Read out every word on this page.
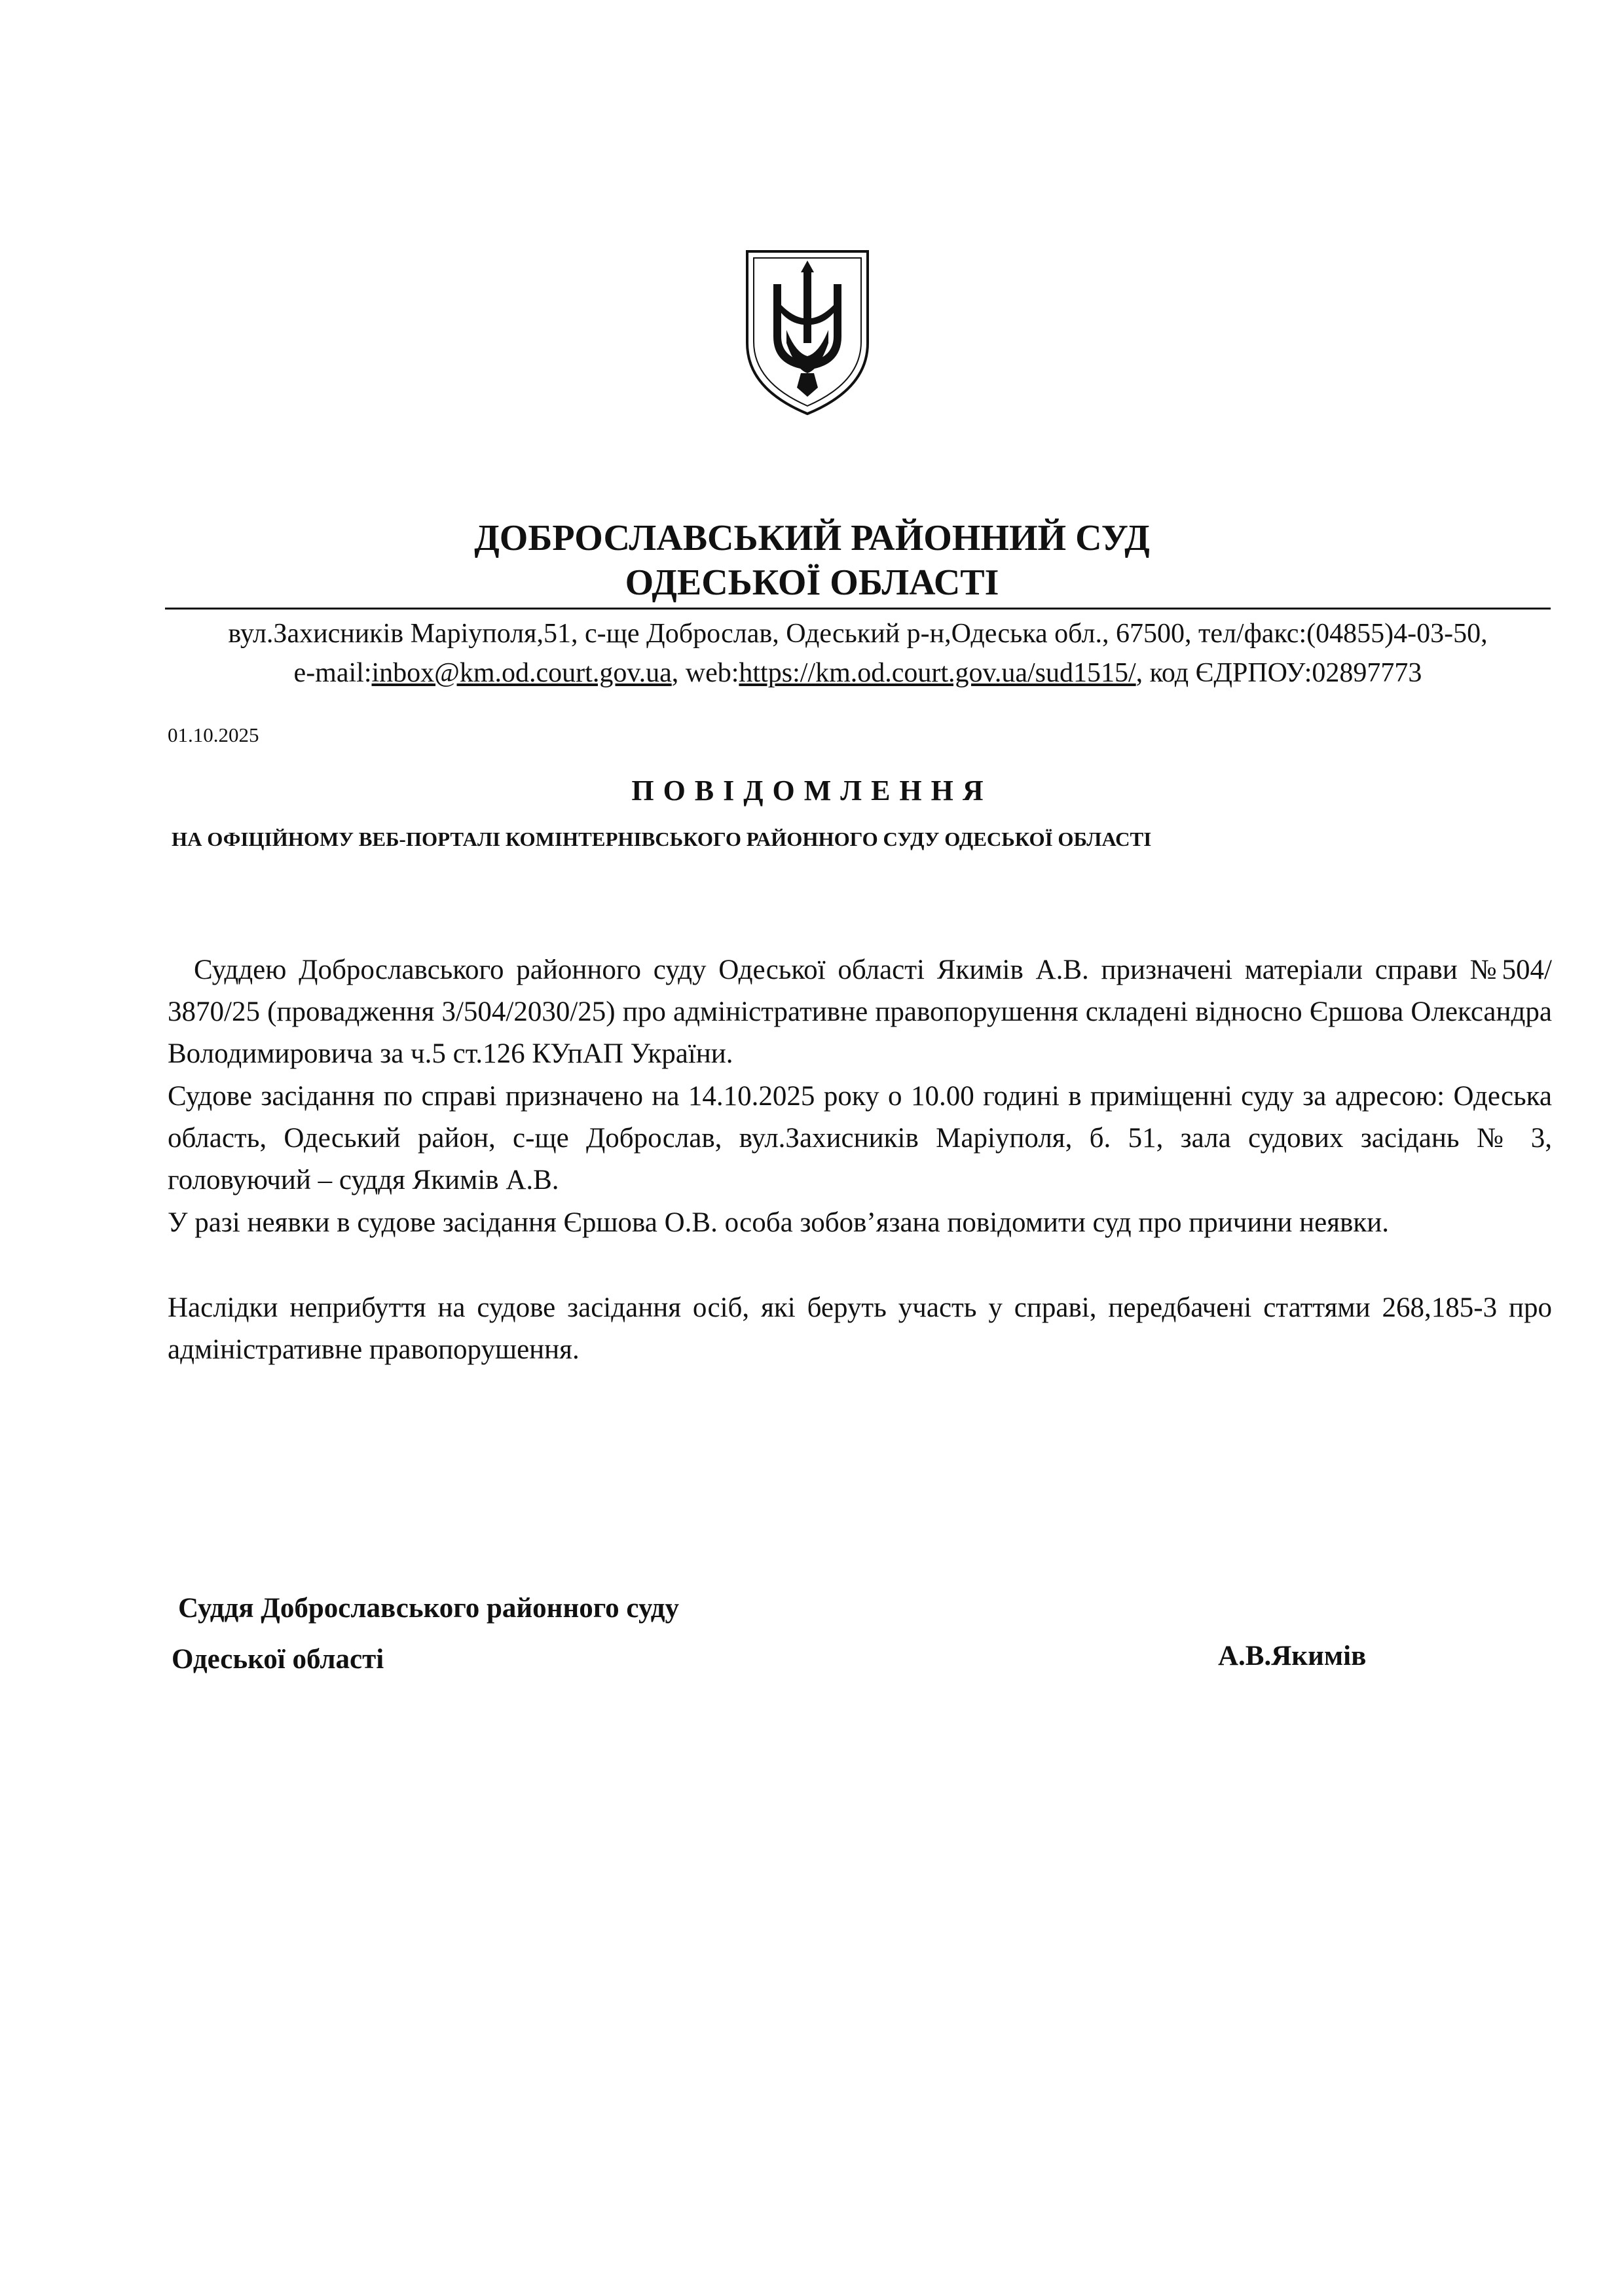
ДОБРОСЛАВСЬКИЙ РАЙОННИЙ СУД
ОДЕСЬКОЇ ОБЛАСТІ
вул.Захисників Маріуполя,51, с-ще Доброслав, Одеський р-н,Одеська обл., 67500, тел/факс:(04855)4-03-50,
e-mail:inbox@km.od.court.gov.ua, web:https://km.od.court.gov.ua/sud1515/, код ЄДРПОУ:02897773
01.10.2025
ПОВІДОМЛЕННЯ
НА ОФІЦІЙНОМУ ВЕБ-ПОРТАЛІ КОМІНТЕРНІВСЬКОГО РАЙОННОГО СУДУ ОДЕСЬКОЇ ОБЛАСТІ
Суддею Доброславського районного суду Одеської області Якимів А.В. призначені матеріали справи №504/ 3870/25 (провадження 3/504/2030/25) про адміністративне правопорушення складені відносно Єршова Олександра Володимировича за ч.5 ст.126 КУпАП України.
Судове засідання по справі призначено на 14.10.2025 року о 10.00 годині в приміщенні суду за адресою: Одеська область, Одеський район, с-ще Доброслав, вул.Захисників Маріуполя, б. 51, зала судових засідань № 3, головуючий – суддя Якимів А.В.
У разі неявки в судове засідання Єршова О.В. особа зобов’язана повідомити суд про причини неявки.
Наслідки неприбуття на судове засідання осіб, які беруть участь у справі, передбачені статтями 268,185-3 про адміністративне правопорушення.
Суддя Доброславського районного суду
Одеської області	А.В.Якимів
